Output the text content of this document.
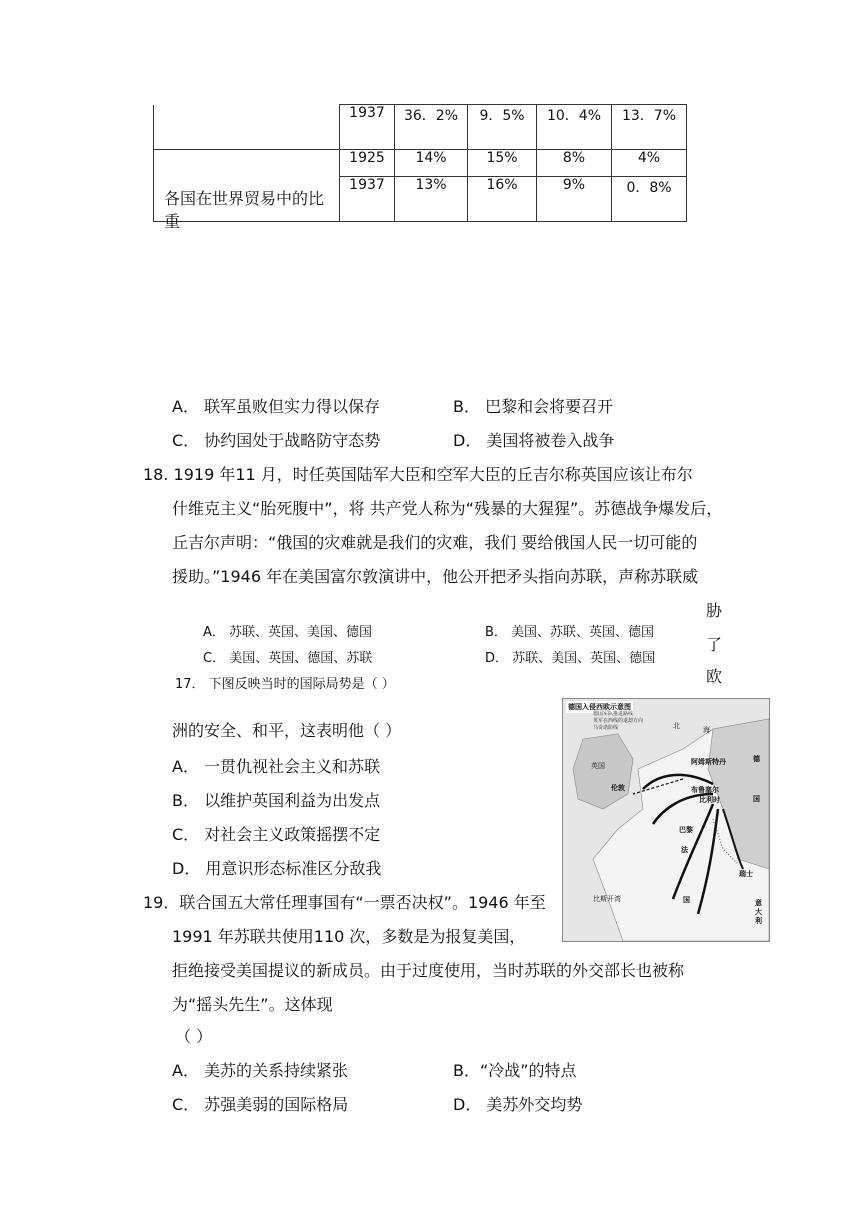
	1937	36．2%	9．5%	10．4%	13．7%

各国在世界贸易中的比重	1925	14%	15%	8%	4%
	1937	13%	16%	9%	0．8%
A． 联军虽败但实力得以保存	B． 巴黎和会将要召开
C． 协约国处于战略防守态势	D． 美国将被卷入战争
18. 1919 年11 月，时任英国陆军大臣和空军大臣的丘吉尔称英国应该让布尔
什维克主义“胎死腹中”，将 共产党人称为“残暴的大猩猩”。苏德战争爆发后，
丘吉尔声明：“俄国的灾难就是我们的灾难，我们 要给俄国人民一切可能的
援助。”1946 年在美国富尔敦演讲中，他公开把矛头指向苏联，声称苏联威
胁
了
欧
A． 苏联、英国、美国、德国	B． 美国、苏联、英国、德国
C． 美国、英国、德国、苏联	D． 苏联、美国、英国、德国
17． 下图反映当时的国际局势是（ ）
洲的安全、和平，这表明他（ ）
A． 一贯仇视社会主义和苏联
B． 以维护英国利益为出发点
C． 对社会主义政策摇摆不定
D． 用意识形态标准区分敌我
德国入侵西欧示意图
德国军队推进路线
英军在西线的退却方向
马奇诺防线	北	海
英国
伦敦
阿姆斯特丹
布鲁塞尔
比利时
德
国
巴黎
法
国
瑞士
意大利
比斯开湾
19．联合国五大常任理事国有“一票否决权”。1946 年至
1991 年苏联共使用110 次，多数是为报复美国，
拒绝接受美国提议的新成员。由于过度使用，当时苏联的外交部长也被称
为“摇头先生”。这体现
（ ）
A． 美苏的关系持续紧张	B．“冷战”的特点
C． 苏强美弱的国际格局	D． 美苏外交均势
